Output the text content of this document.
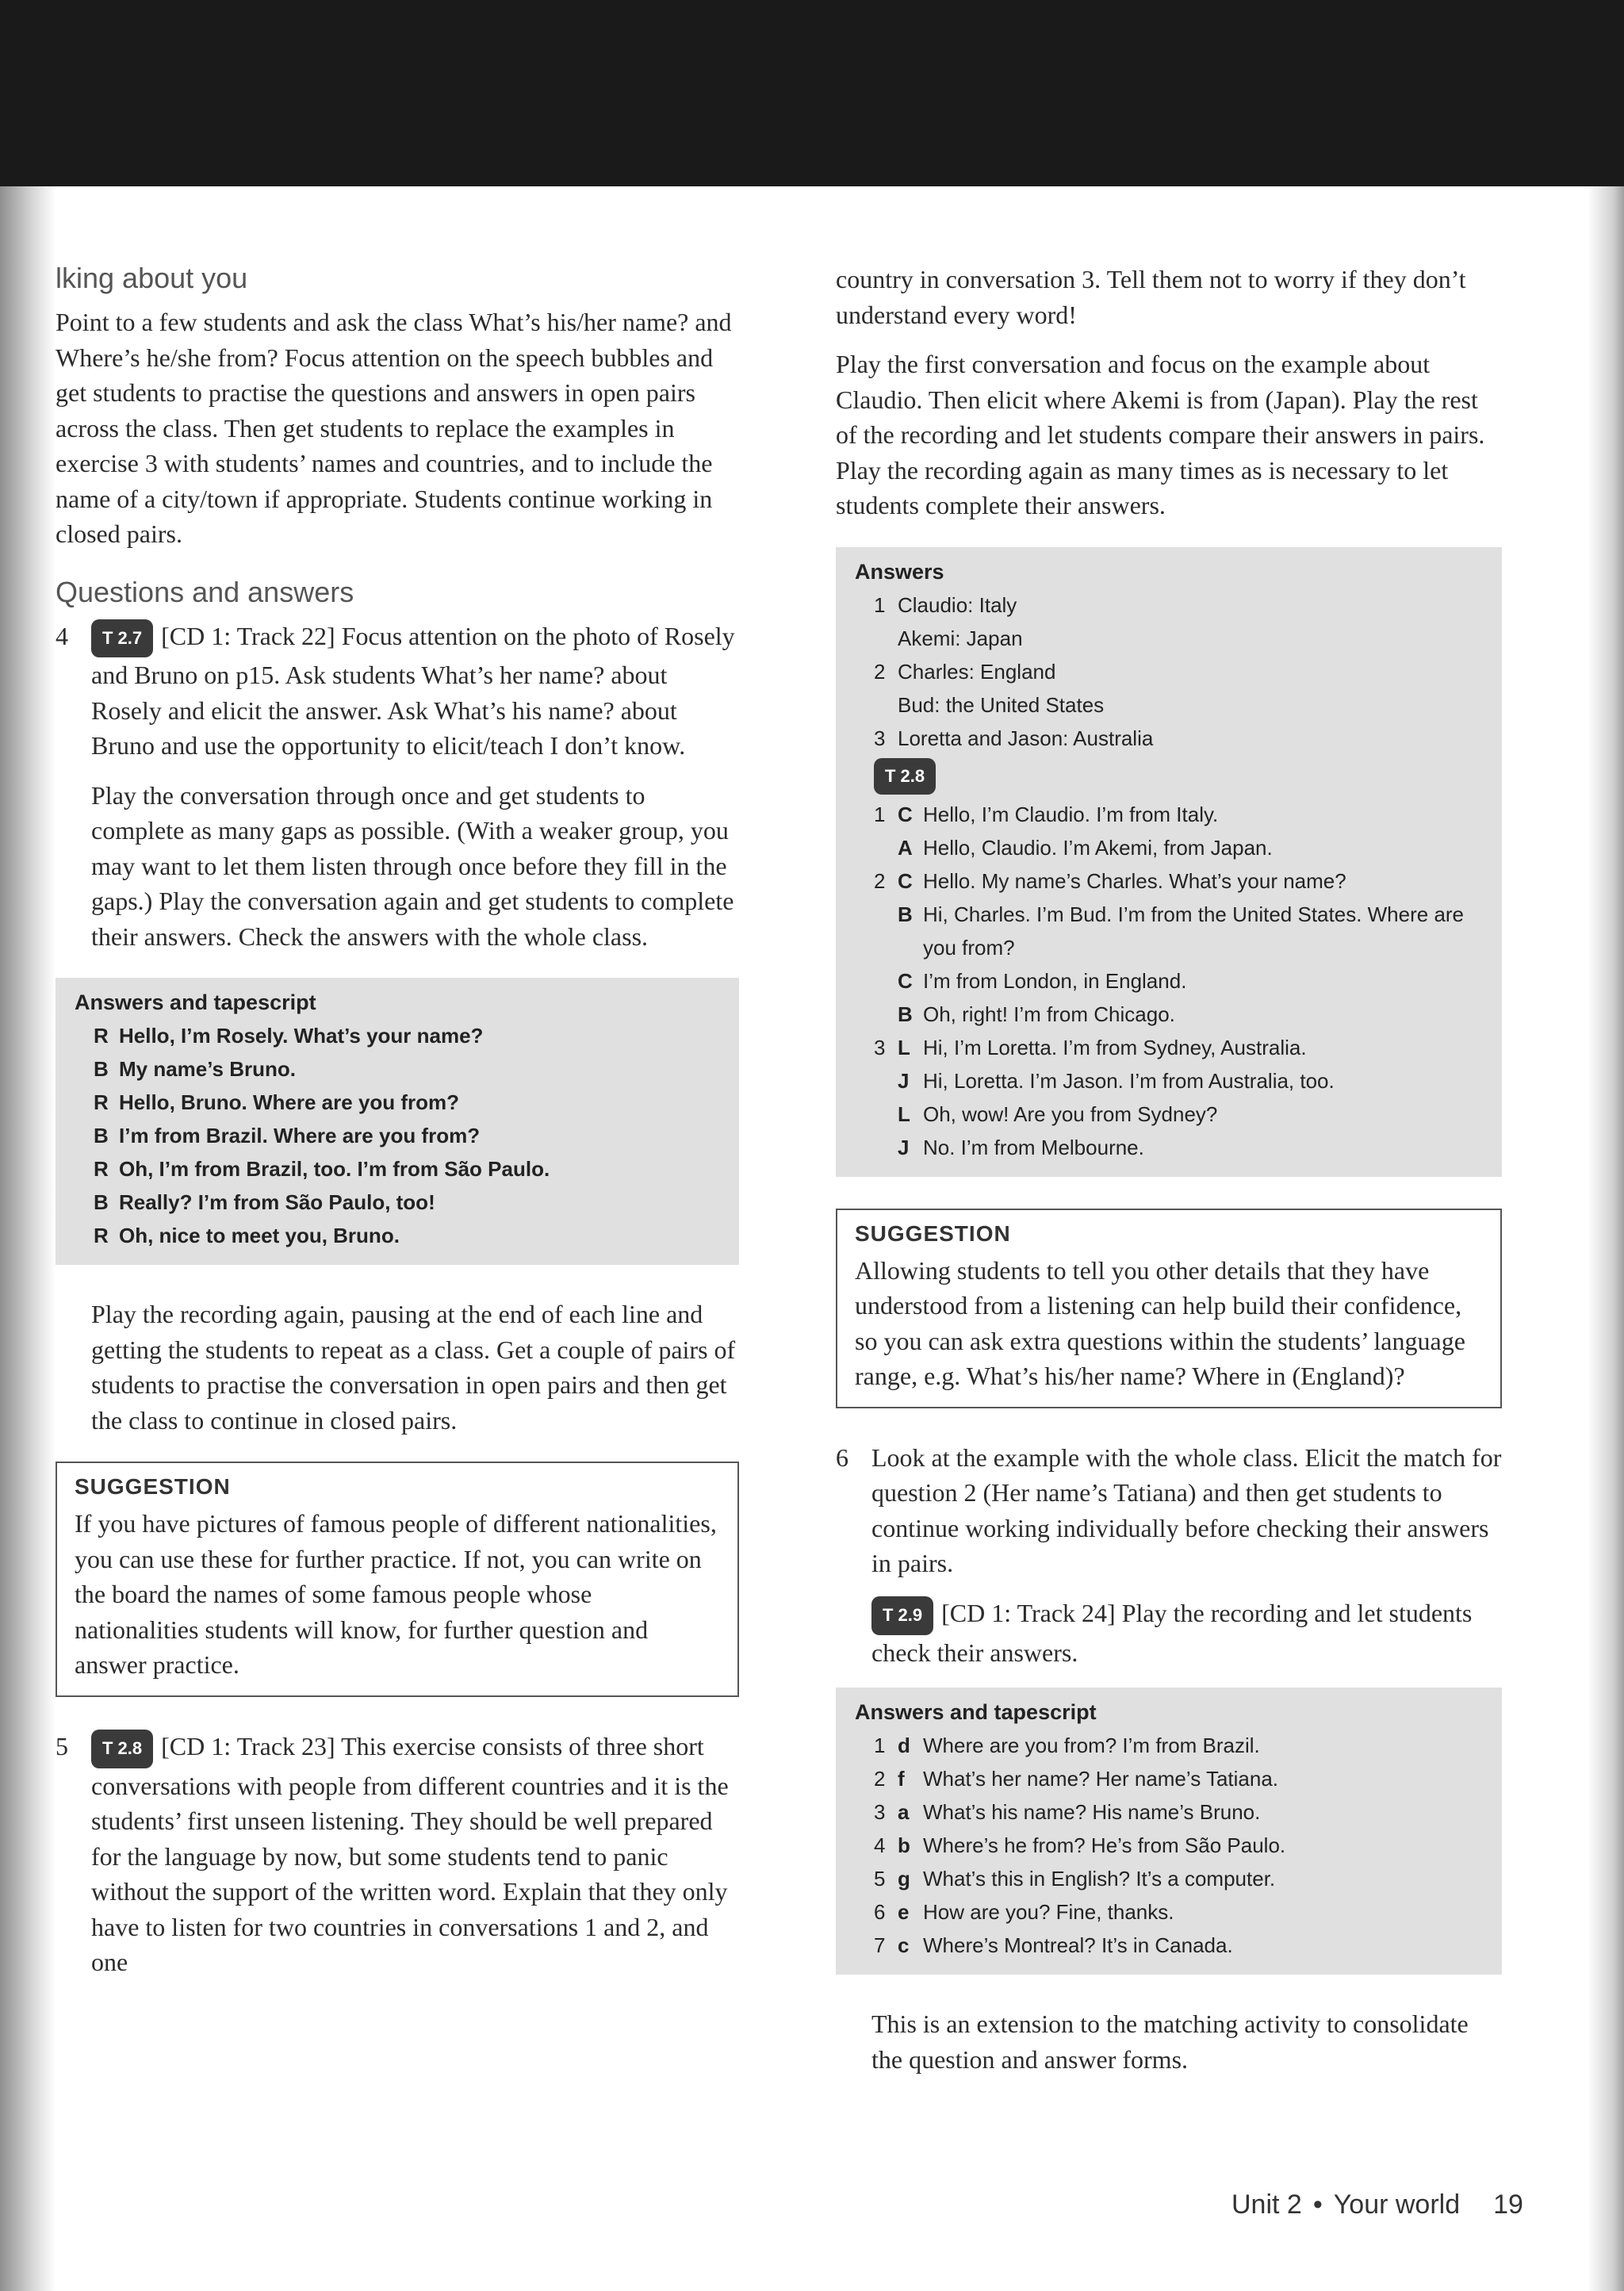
lking about you

Point to a few students and ask the class What’s his/her name? and Where’s he/she from? Focus attention on the speech bubbles and get students to practise the questions and answers in open pairs across the class. Then get students to replace the examples in exercise 3 with students’ names and countries, and to include the name of a city/town if appropriate. Students continue working in closed pairs.

Questions and answers

4 T 2.7 [CD 1: Track 22] Focus attention on the photo of Rosely and Bruno on p15. Ask students What’s her name? about Rosely and elicit the answer. Ask What’s his name? about Bruno and use the opportunity to elicit/teach I don’t know.

Play the conversation through once and get students to complete as many gaps as possible. (With a weaker group, you may want to let them listen through once before they fill in the gaps.) Play the conversation again and get students to complete their answers. Check the answers with the whole class.

Answers and tapescript
R Hello, I’m Rosely. What’s your name?
B My name’s Bruno.
R Hello, Bruno. Where are you from?
B I’m from Brazil. Where are you from?
R Oh, I’m from Brazil, too. I’m from São Paulo.
B Really? I’m from São Paulo, too!
R Oh, nice to meet you, Bruno.

Play the recording again, pausing at the end of each line and getting the students to repeat as a class. Get a couple of pairs of students to practise the conversation in open pairs and then get the class to continue in closed pairs.

SUGGESTION

If you have pictures of famous people of different nationalities, you can use these for further practice. If not, you can write on the board the names of some famous people whose nationalities students will know, for further question and answer practice.

5 T 2.8 [CD 1: Track 23] This exercise consists of three short conversations with people from different countries and it is the students’ first unseen listening. They should be well prepared for the language by now, but some students tend to panic without the support of the written word. Explain that they only have to listen for two countries in conversations 1 and 2, and one

country in conversation 3. Tell them not to worry if they don’t understand every word!

Play the first conversation and focus on the example about Claudio. Then elicit where Akemi is from (Japan). Play the rest of the recording and let students compare their answers in pairs. Play the recording again as many times as is necessary to let students complete their answers.

Answers
1 Claudio: Italy
Akemi: Japan
2 Charles: England
Bud: the United States
3 Loretta and Jason: Australia
T 2.8
1 C Hello, I’m Claudio. I’m from Italy.
A Hello, Claudio. I’m Akemi, from Japan.
2 C Hello. My name’s Charles. What’s your name?
B Hi, Charles. I’m Bud. I’m from the United States. Where are you from?
C I’m from London, in England.
B Oh, right! I’m from Chicago.
3 L Hi, I’m Loretta. I’m from Sydney, Australia.
J Hi, Loretta. I’m Jason. I’m from Australia, too.
L Oh, wow! Are you from Sydney?
J No. I’m from Melbourne.
SUGGESTION

Allowing students to tell you other details that they have understood from a listening can help build their confidence, so you can ask extra questions within the students’ language range, e.g. What’s his/her name? Where in (England)?

6 Look at the example with the whole class. Elicit the match for question 2 (Her name’s Tatiana) and then get students to continue working individually before checking their answers in pairs.

T 2.9 [CD 1: Track 24] Play the recording and let students check their answers.

Answers and tapescript
1 d Where are you from? I’m from Brazil.
2 f What’s her name? Her name’s Tatiana.
3 a What’s his name? His name’s Bruno.
4 b Where’s he from? He’s from São Paulo.
5 g What’s this in English? It’s a computer.
6 e How are you? Fine, thanks.
7 c Where’s Montreal? It’s in Canada.

This is an extension to the matching activity to consolidate the question and answer forms.

Unit 2 • Your world 19
